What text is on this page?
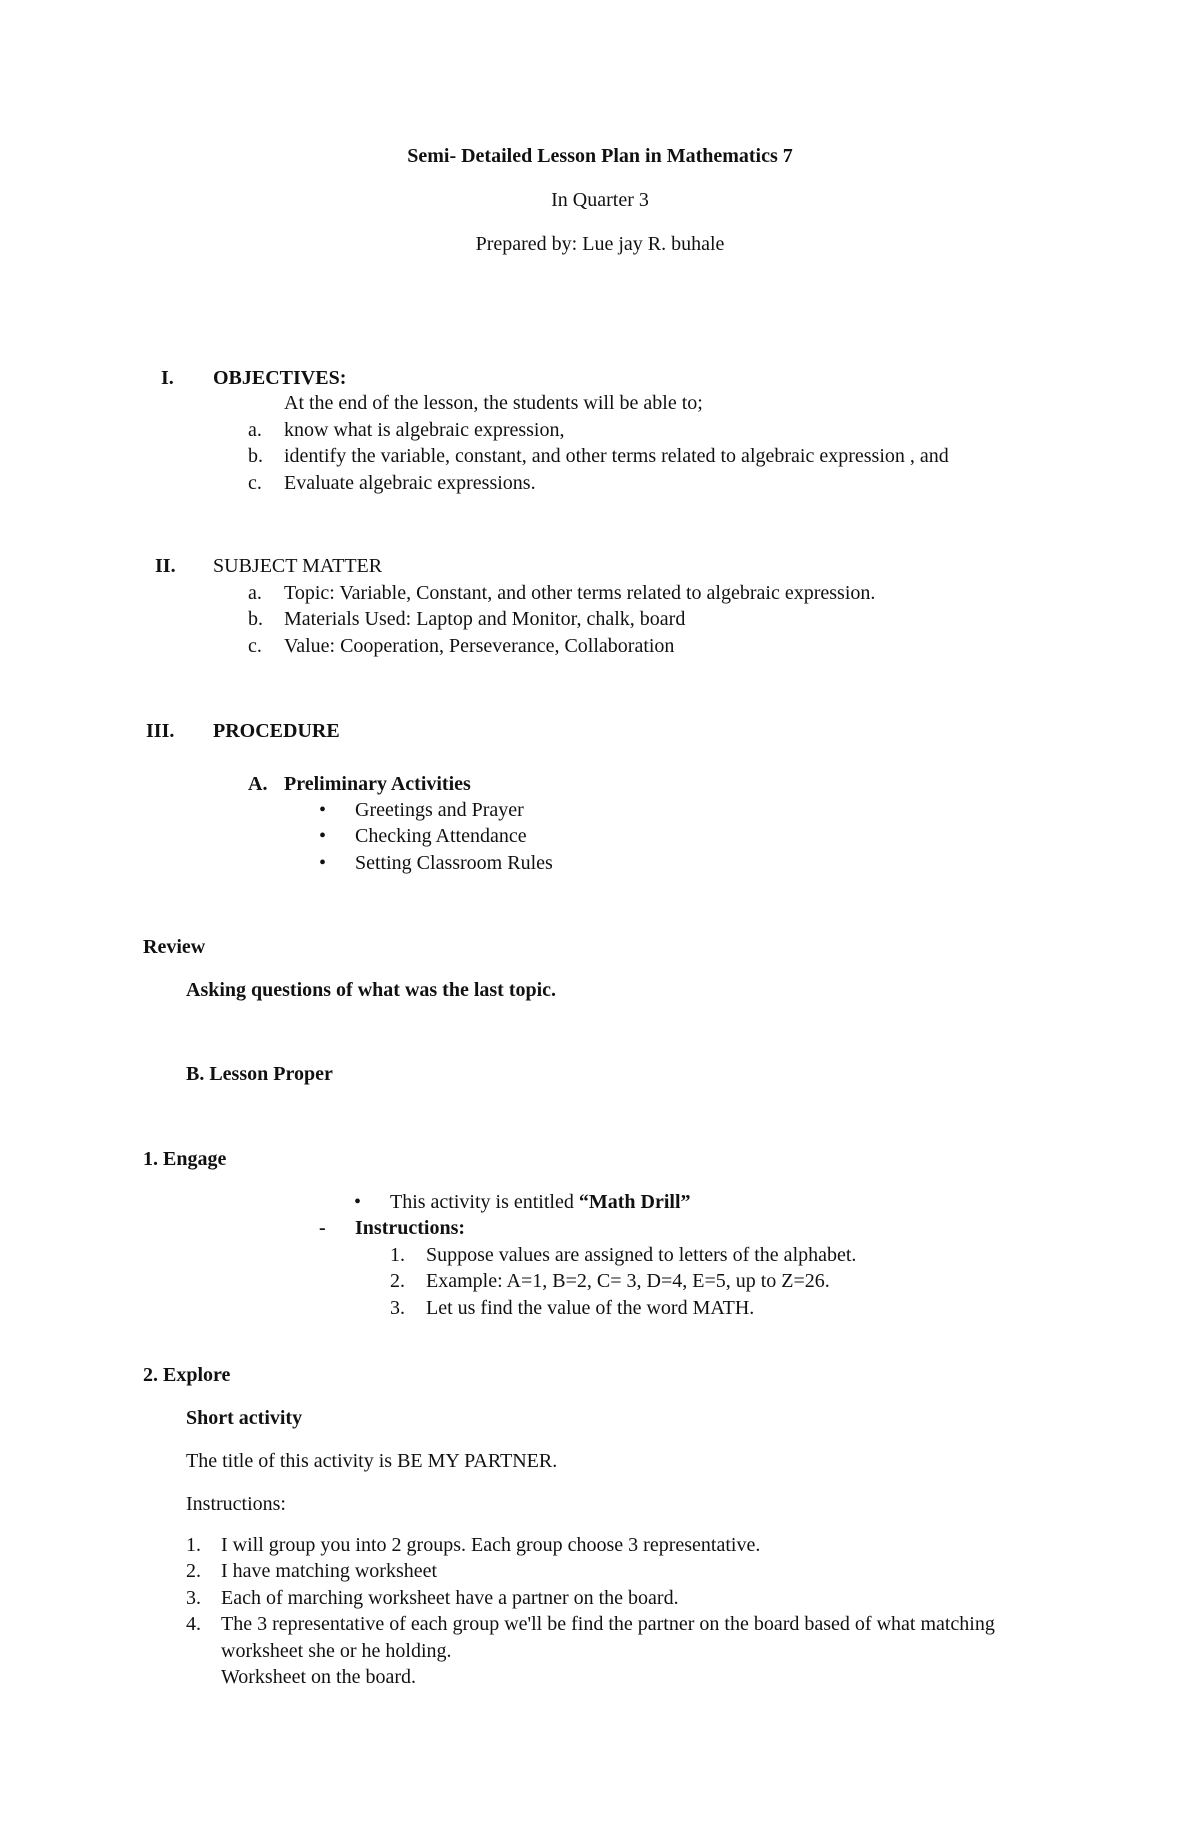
Semi- Detailed Lesson Plan in Mathematics 7
In Quarter 3
Prepared by: Lue jay R. buhale
I. OBJECTIVES:
At the end of the lesson, the students will be able to;
a. know what is algebraic expression,
b. identify the variable, constant, and other terms related to algebraic expression , and
c. Evaluate algebraic expressions.
II. SUBJECT MATTER
a. Topic: Variable, Constant, and other terms related to algebraic expression.
b. Materials Used: Laptop and Monitor, chalk, board
c. Value: Cooperation, Perseverance, Collaboration
III. PROCEDURE
A. Preliminary Activities
• Greetings and Prayer
• Checking Attendance
• Setting Classroom Rules
Review
Asking questions of what was the last topic.
B. Lesson Proper
1. Engage
• This activity is entitled “Math Drill”
- Instructions:
1. Suppose values are assigned to letters of the alphabet.
2. Example: A=1, B=2, C= 3, D=4, E=5, up to Z=26.
3. Let us find the value of the word MATH.
2. Explore
Short activity
The title of this activity is BE MY PARTNER.
Instructions:
1. I will group you into 2 groups. Each group choose 3 representative.
2. I have matching worksheet
3. Each of marching worksheet have a partner on the board.
4. The 3 representative of each group we'll be find the partner on the board based of what matching
worksheet she or he holding.
Worksheet on the board.
